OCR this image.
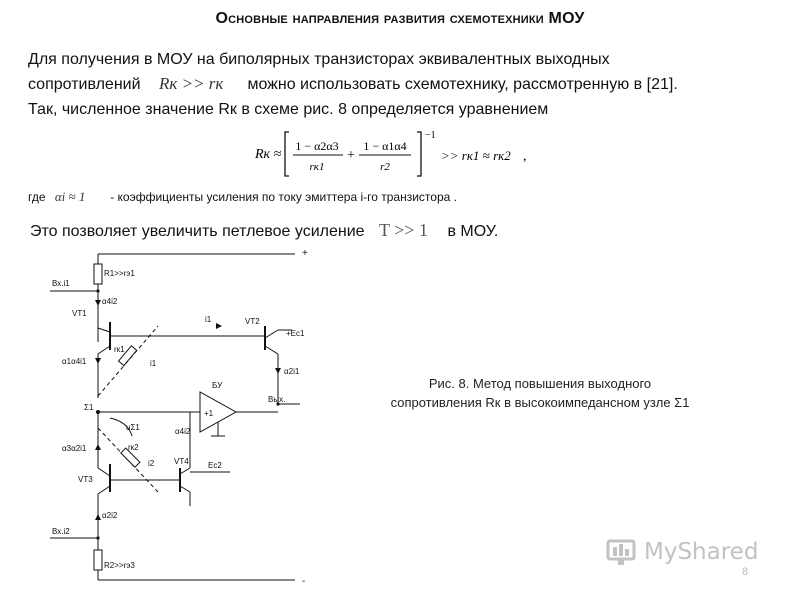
Основные направления развития схемотехники МОУ
Для получения в МОУ на биполярных транзисторах эквивалентных выходных
сопротивлений Rк >> rк можно использовать схемотехнику, рассмотренную в [21].
Так, численное значение Rк в схеме рис. 8 определяется уравнением
Rк ≈
1 − α2α3
rк1
+
1 − α1α4
r2
−1
>> rк1 ≈ rк2 ,
где αi ≈ 1 - коэффициенты усиления по току эмиттера i-го транзистора .
Это позволяет увеличить петлевое усиление T >> 1 в МОУ.
+
-
R1>>rэ1
R2>>rэ3
Вх.i1
Вх.i2
VT1
VT2
VT3
VT4
α4i2
α1α4i1
α3α2i1
α2i1
α2i2
α4i2
rк1
rк2
i1
i1
i2
Σ1
uΣ1
+Eс1
Eс2
БУ
+1
Вых.
Рис. 8. Метод повышения выходного
сопротивления Rк в высокоимпедансном узле Σ1
MyShared
8
